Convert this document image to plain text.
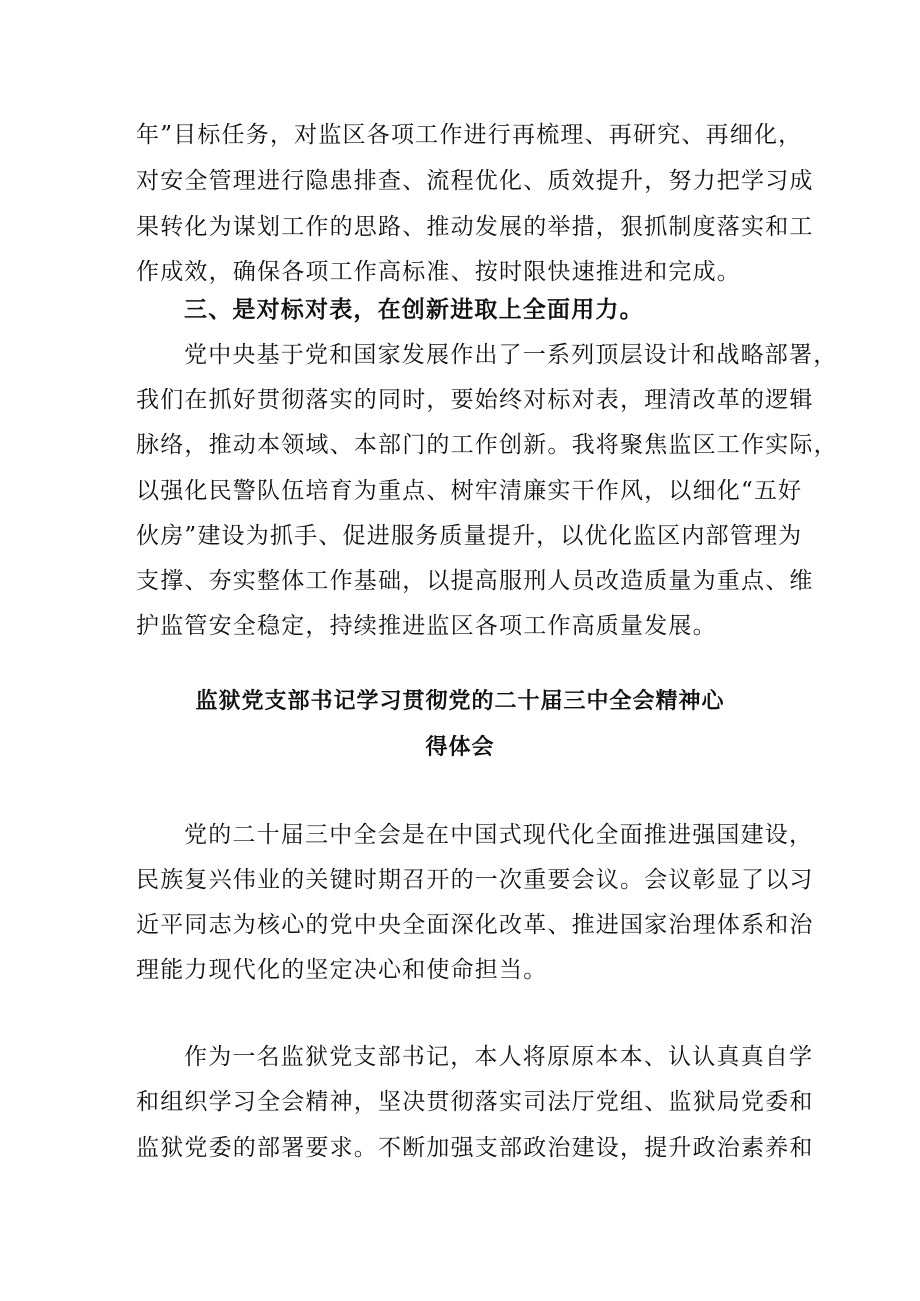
年”目标任务，对监区各项工作进行再梳理、再研究、再细化，
对安全管理进行隐患排查、流程优化、质效提升，努力把学习成
果转化为谋划工作的思路、推动发展的举措，狠抓制度落实和工
作成效，确保各项工作高标准、按时限快速推进和完成。
三、是对标对表，在创新进取上全面用力。
党中央基于党和国家发展作出了一系列顶层设计和战略部署，
我们在抓好贯彻落实的同时，要始终对标对表，理清改革的逻辑
脉络，推动本领域、本部门的工作创新。我将聚焦监区工作实际，
以强化民警队伍培育为重点、树牢清廉实干作风，以细化“五好
伙房”建设为抓手、促进服务质量提升，以优化监区内部管理为
支撑、夯实整体工作基础，以提高服刑人员改造质量为重点、维
护监管安全稳定，持续推进监区各项工作高质量发展。
监狱党支部书记学习贯彻党的二十届三中全会精神心
得体会
党的二十届三中全会是在中国式现代化全面推进强国建设，
民族复兴伟业的关键时期召开的一次重要会议。会议彰显了以习
近平同志为核心的党中央全面深化改革、推进国家治理体系和治
理能力现代化的坚定决心和使命担当。
作为一名监狱党支部书记，本人将原原本本、认认真真自学
和组织学习全会精神，坚决贯彻落实司法厅党组、监狱局党委和
监狱党委的部署要求。不断加强支部政治建设，提升政治素养和
